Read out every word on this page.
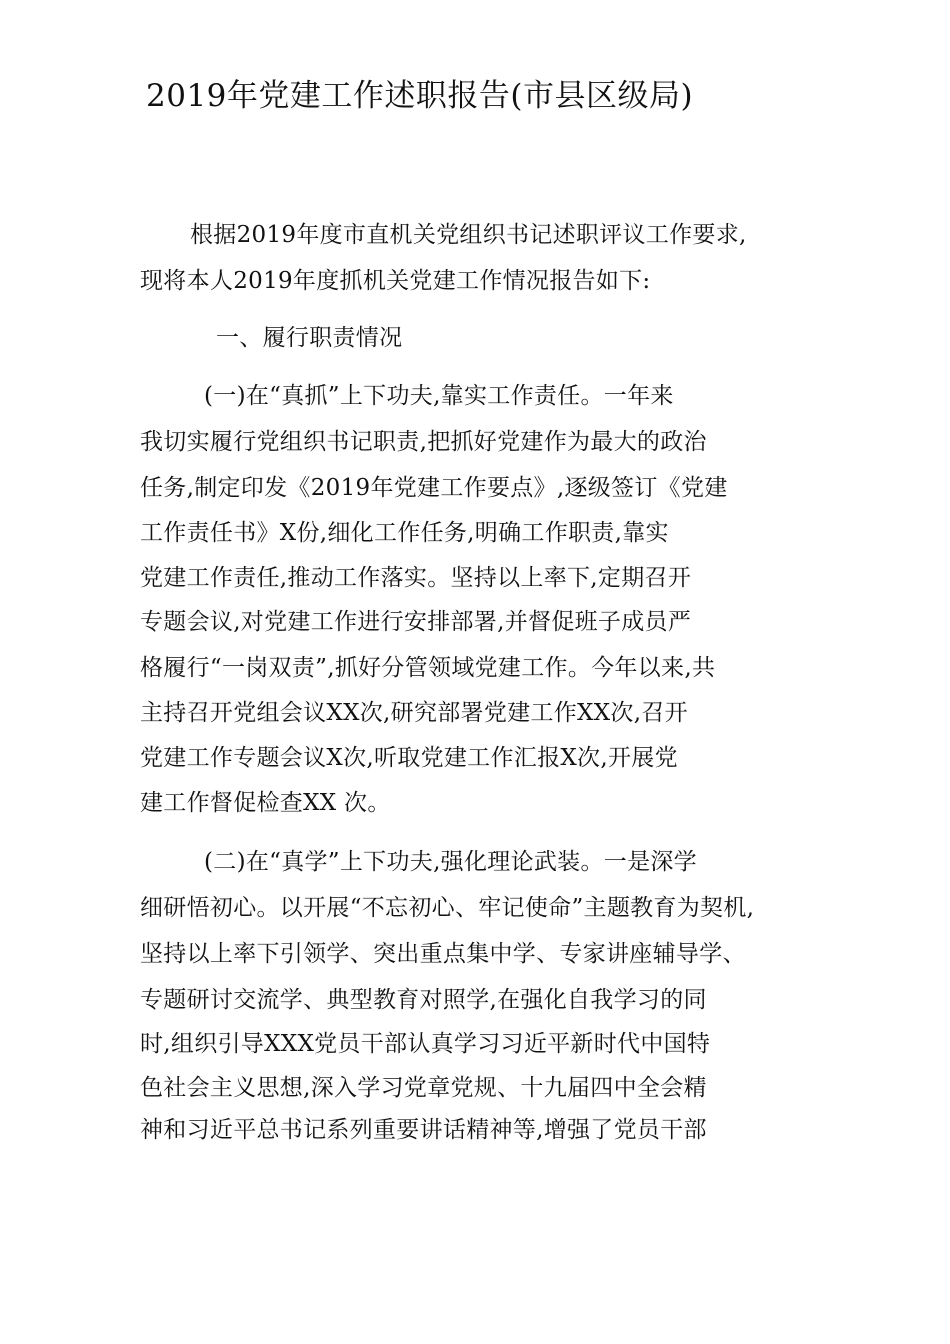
2019年党建工作述职报告(市县区级局)
根据2019年度市直机关党组织书记述职评议工作要求,
现将本人2019年度抓机关党建工作情况报告如下:
一、履行职责情况
(一)在“真抓”上下功夫,靠实工作责任。一年来
我切实履行党组织书记职责,把抓好党建作为最大的政治
任务,制定印发《2019年党建工作要点》,逐级签订《党建
工作责任书》X份,细化工作任务,明确工作职责,靠实
党建工作责任,推动工作落实。坚持以上率下,定期召开
专题会议,对党建工作进行安排部署,并督促班子成员严
格履行“一岗双责”,抓好分管领域党建工作。今年以来,共
主持召开党组会议XX次,研究部署党建工作XX次,召开
党建工作专题会议X次,听取党建工作汇报X次,开展党
建工作督促检查XX 次。
(二)在“真学”上下功夫,强化理论武装。一是深学
细研悟初心。以开展“不忘初心、牢记使命”主题教育为契机,
坚持以上率下引领学、突出重点集中学、专家讲座辅导学、
专题研讨交流学、典型教育对照学,在强化自我学习的同
时,组织引导XXX党员干部认真学习习近平新时代中国特
色社会主义思想,深入学习党章党规、十九届四中全会精
神和习近平总书记系列重要讲话精神等,增强了党员干部
